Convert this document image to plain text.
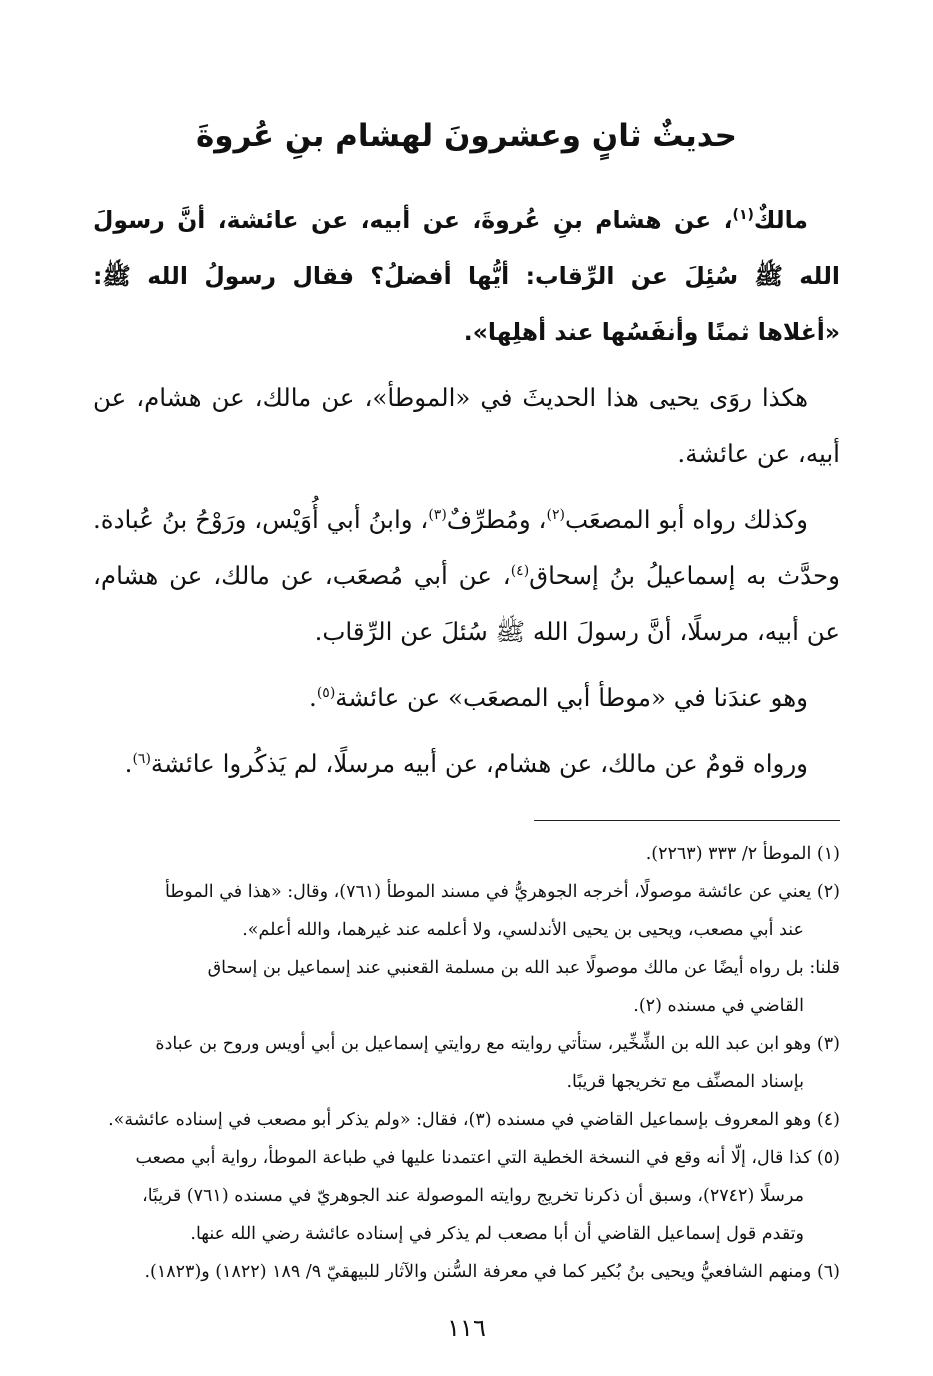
حديثٌ ثانٍ وعشرونَ لهشام بنِ عُروةَ

مالكٌ$^{(١)}$، عن هشام بنِ عُروةَ، عن أبيه، عن عائشة، أنَّ رسولَ الله ﷺ سُئِلَ عن الرِّقاب: أيُّها أفضلُ؟ فقال رسولُ الله ﷺ: «أغلاها ثمنًا وأنفَسُها عند أهلِها».

هكذا روَى يحيى هذا الحديثَ في «الموطأ»، عن مالك، عن هشام، عن أبيه، عن عائشة.

وكذلك رواه أبو المصعَب$^{(٢)}$، ومُطرِّفٌ$^{(٣)}$، وابنُ أبي أُوَيْس، ورَوْحُ بنُ عُبادة. وحدَّث به إسماعيلُ بنُ إسحاق$^{(٤)}$، عن أبي مُصعَب، عن مالك، عن هشام، عن أبيه، مرسلًا، أنَّ رسولَ الله ﷺ سُئلَ عن الرِّقاب.

وهو عندَنا في «موطأ أبي المصعَب» عن عائشة$^{(٥)}$.

ورواه قومٌ عن مالك، عن هشام، عن أبيه مرسلًا، لم يَذكُروا عائشة$^{(٦)}$.

(١) الموطأ ٢/ ٣٣٣ (٢٢٦٣).
(٢) يعني عن عائشة موصولًا، أخرجه الجوهريُّ في مسند الموطأ (٧٦١)، وقال: «هذا في الموطأ
عند أبي مصعب، ويحيى بن يحيى الأندلسي، ولا أعلمه عند غيرهما، والله أعلم».
قلنا: بل رواه أيضًا عن مالك موصولًا عبد الله بن مسلمة القعنبي عند إسماعيل بن إسحاق
القاضي في مسنده (٢).
(٣) وهو ابن عبد الله بن الشِّخِّير، ستأتي روايته مع روايتي إسماعيل بن أبي أويس وروح بن عبادة
بإسناد المصنِّف مع تخريجها قريبًا.
(٤) وهو المعروف بإسماعيل القاضي في مسنده (٣)، فقال: «ولم يذكر أبو مصعب في إسناده عائشة».
(٥) كذا قال، إلّا أنه وقع في النسخة الخطية التي اعتمدنا عليها في طباعة الموطأ، رواية أبي مصعب
مرسلًا (٢٧٤٢)، وسبق أن ذكرنا تخريج روايته الموصولة عند الجوهريّ في مسنده (٧٦١) قريبًا،
وتقدم قول إسماعيل القاضي أن أبا مصعب لم يذكر في إسناده عائشة رضي الله عنها.
(٦) ومنهم الشافعيُّ ويحيى بنُ بُكير كما في معرفة السُّنن والآثار للبيهقيّ ٩/ ١٨٩ (١٨٢٢) و(١٨٢٣).
١١٦
